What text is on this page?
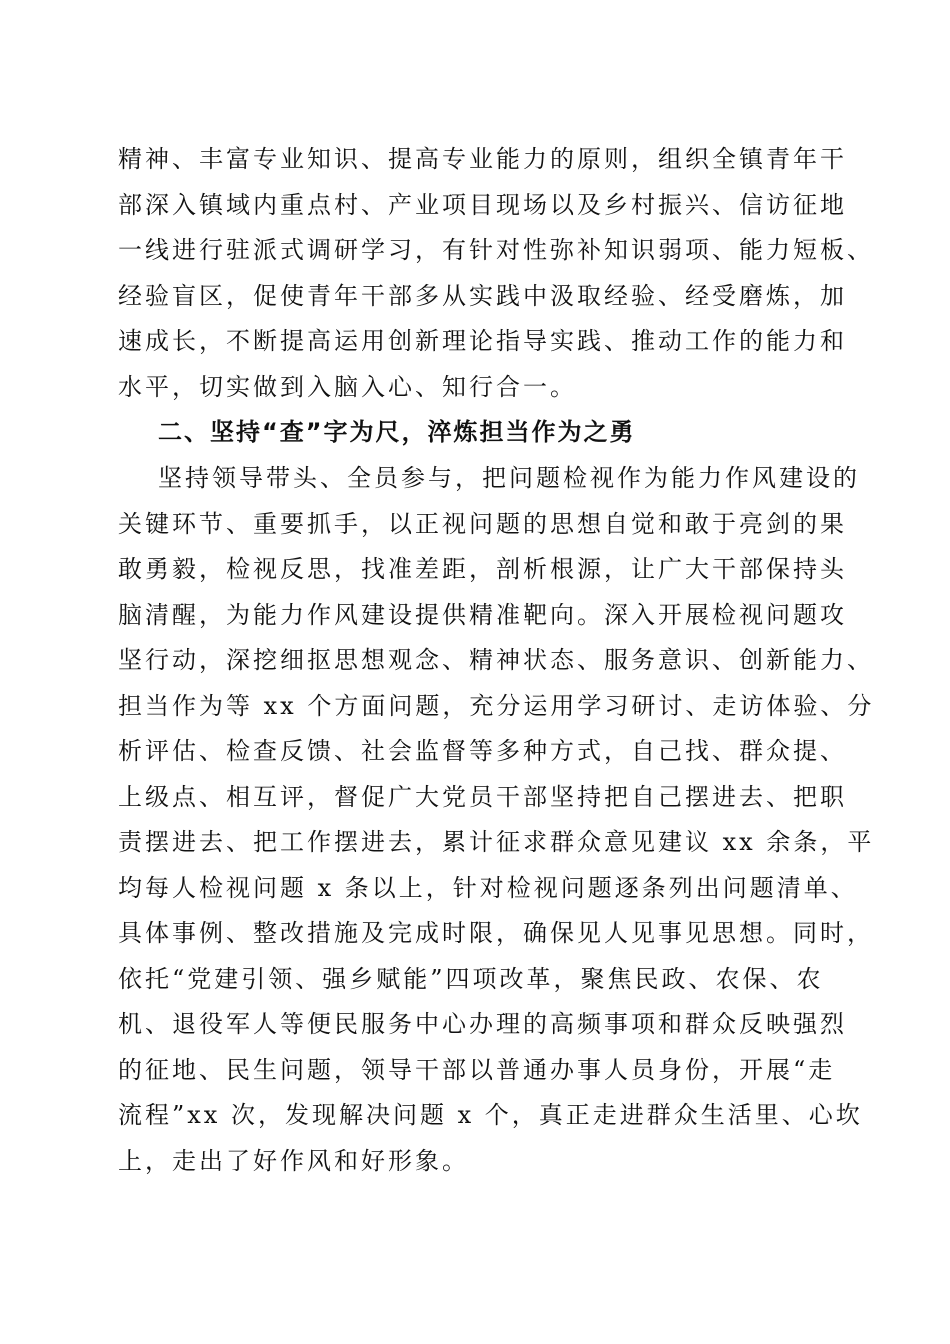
精神、丰富专业知识、提高专业能力的原则，组织全镇青年干
部深入镇域内重点村、产业项目现场以及乡村振兴、信访征地
一线进行驻派式调研学习，有针对性弥补知识弱项、能力短板、
经验盲区，促使青年干部多从实践中汲取经验、经受磨炼，加
速成长，不断提高运用创新理论指导实践、推动工作的能力和
水平，切实做到入脑入心、知行合一。
二、坚持“查”字为尺，淬炼担当作为之勇
坚持领导带头、全员参与，把问题检视作为能力作风建设的
关键环节、重要抓手，以正视问题的思想自觉和敢于亮剑的果
敢勇毅，检视反思，找准差距，剖析根源，让广大干部保持头
脑清醒，为能力作风建设提供精准靶向。深入开展检视问题攻
坚行动，深挖细抠思想观念、精神状态、服务意识、创新能力、
担当作为等 xx 个方面问题，充分运用学习研讨、走访体验、分
析评估、检查反馈、社会监督等多种方式，自己找、群众提、
上级点、相互评，督促广大党员干部坚持把自己摆进去、把职
责摆进去、把工作摆进去，累计征求群众意见建议 xx 余条，平
均每人检视问题 x 条以上，针对检视问题逐条列出问题清单、
具体事例、整改措施及完成时限，确保见人见事见思想。同时，
依托“党建引领、强乡赋能”四项改革，聚焦民政、农保、农
机、退役军人等便民服务中心办理的高频事项和群众反映强烈
的征地、民生问题，领导干部以普通办事人员身份，开展“走
流程”xx 次，发现解决问题 x 个，真正走进群众生活里、心坎
上，走出了好作风和好形象。
